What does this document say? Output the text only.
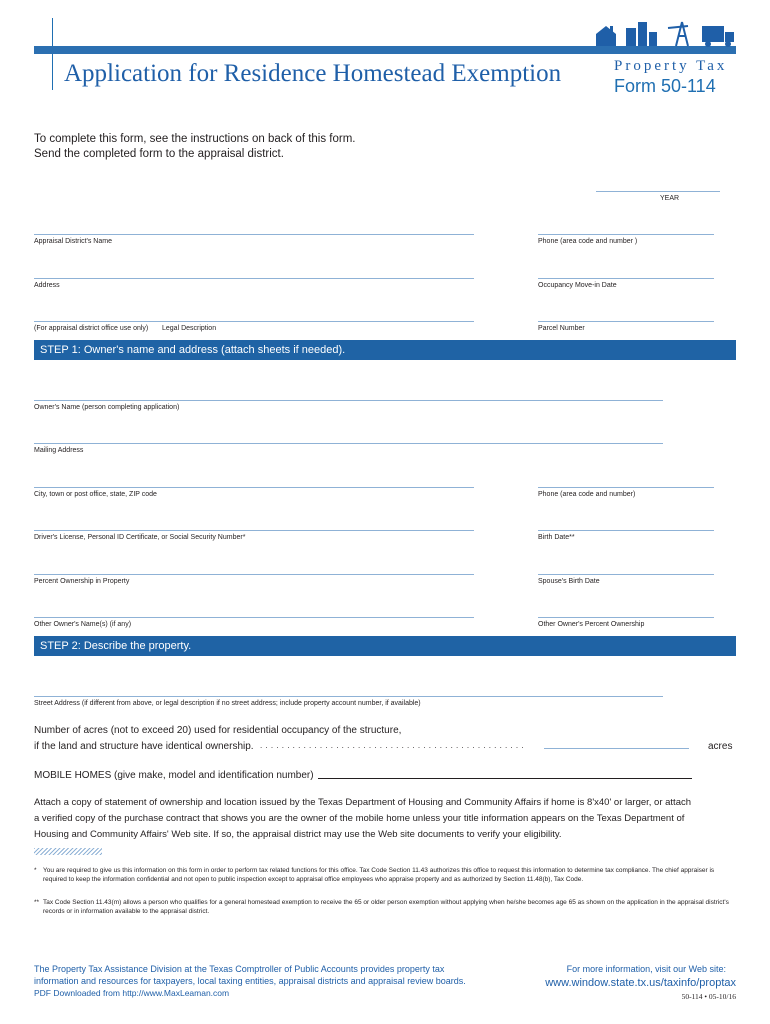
Application for Residence Homestead Exemption	Property Tax
Form 50-114
To complete this form, see the instructions on back of this form.
Send the completed form to the appraisal district.
YEAR
Appraisal District's Name	Phone (area code and number )
Address	Occupancy Move-in Date
(For appraisal district office use only) Legal Description	Parcel Number
STEP 1: Owner's name and address (attach sheets if needed).
Owner's Name (person completing application)
Mailing Address
City, town or post office, state, ZIP code	Phone (area code and number)
Driver's License, Personal ID Certificate, or Social Security Number*	Birth Date**
Percent Ownership in Property	Spouse's Birth Date
Other Owner's Name(s) (if any)	Other Owner's Percent Ownership
STEP 2: Describe the property.
Street Address (if different from above, or legal description if no street address; include property account number, if available)
Number of acres (not to exceed 20) used for residential occupancy of the structure,
if the land and structure have identical ownership. . . . . . . . . . . . . . . . . . . . . . . . . . . . . . . . . . . . . . . . . . . . . . . . . .	acres
MOBILE HOMES (give make, model and identification number)
Attach a copy of statement of ownership and location issued by the Texas Department of Housing and Community Affairs if home is 8'x40' or larger, or attach
a verified copy of the purchase contract that shows you are the owner of the mobile home unless your title information appears on the Texas Department of
Housing and Community Affairs' Web site. If so, the appraisal district may use the Web site documents to verify your eligibility.
* You are required to give us this information on this form in order to perform tax related functions for this office. Tax Code Section 11.43 authorizes this office to request this information to determine tax compliance. The chief appraiser is required to keep the information confidential and not open to public inspection except to appraisal office employees who appraise property and as authorized by Section 11.48(b), Tax Code.
** Tax Code Section 11.43(m) allows a person who qualifies for a general homestead exemption to receive the 65 or older person exemption without applying when he/she becomes age 65 as shown on the application in the appraisal district's records or in information available to the appraisal district.
The Property Tax Assistance Division at the Texas Comptroller of Public Accounts provides property tax
information and resources for taxpayers, local taxing entities, appraisal districts and appraisal review boards.
PDF Downloaded from http://www.MaxLeaman.com
For more information, visit our Web site:
www.window.state.tx.us/taxinfo/proptax
50-114 • 05-10/16
